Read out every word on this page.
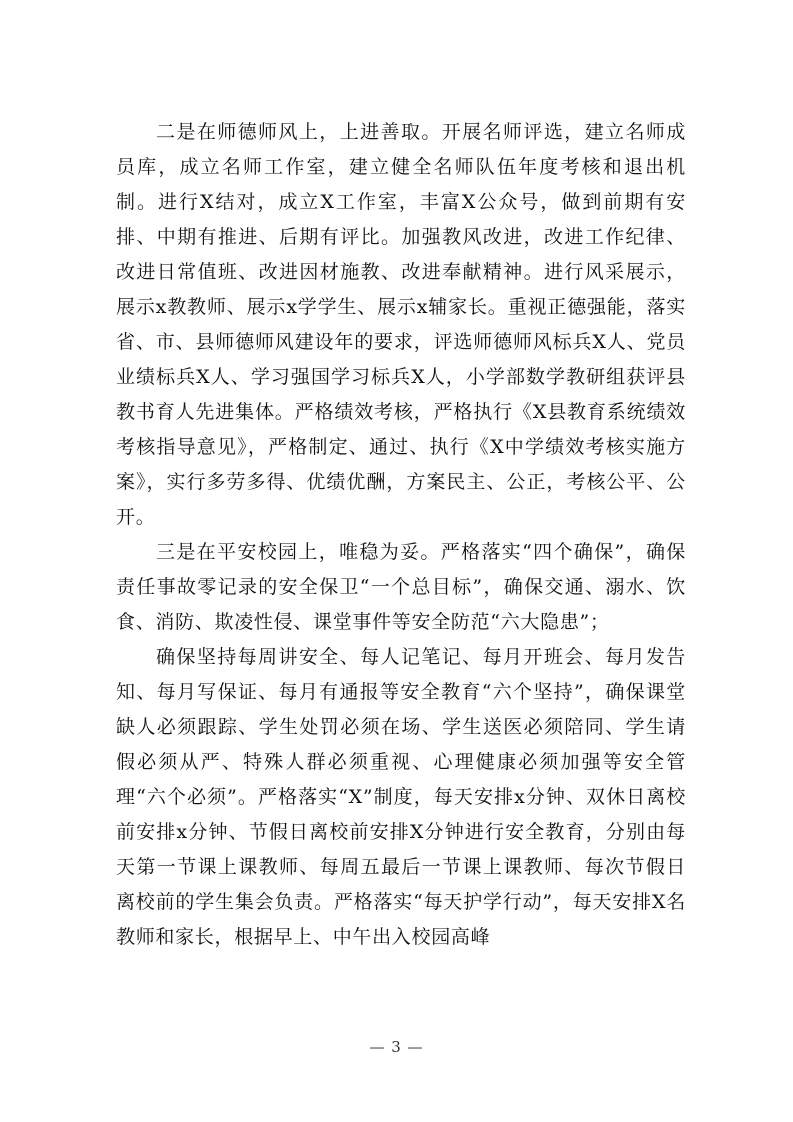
二是在师德师风上，上进善取。开展名师评选，建立名师成员库，成立名师工作室，建立健全名师队伍年度考核和退出机制。进行X结对，成立X工作室，丰富X公众号，做到前期有安排、中期有推进、后期有评比。加强教风改进，改进工作纪律、改进日常值班、改进因材施教、改进奉献精神。进行风采展示，展示x教教师、展示x学学生、展示x辅家长。重视正德强能，落实省、市、县师德师风建设年的要求，评选师德师风标兵X人、党员业绩标兵X人、学习强国学习标兵X人，小学部数学教研组获评县教书育人先进集体。严格绩效考核，严格执行《X县教育系统绩效考核指导意见》，严格制定、通过、执行《X中学绩效考核实施方案》，实行多劳多得、优绩优酬，方案民主、公正，考核公平、公开。

三是在平安校园上，唯稳为妥。严格落实“四个确保”，确保责任事故零记录的安全保卫“一个总目标”，确保交通、溺水、饮食、消防、欺凌性侵、课堂事件等安全防范“六大隐患”；

确保坚持每周讲安全、每人记笔记、每月开班会、每月发告知、每月写保证、每月有通报等安全教育“六个坚持”，确保课堂缺人必须跟踪、学生处罚必须在场、学生送医必须陪同、学生请假必须从严、特殊人群必须重视、心理健康必须加强等安全管理“六个必须”。严格落实“X”制度，每天安排x分钟、双休日离校前安排x分钟、节假日离校前安排X分钟进行安全教育，分别由每天第一节课上课教师、每周五最后一节课上课教师、每次节假日离校前的学生集会负责。严格落实“每天护学行动”，每天安排X名教师和家长，根据早上、中午出入校园高峰

— 3 —
